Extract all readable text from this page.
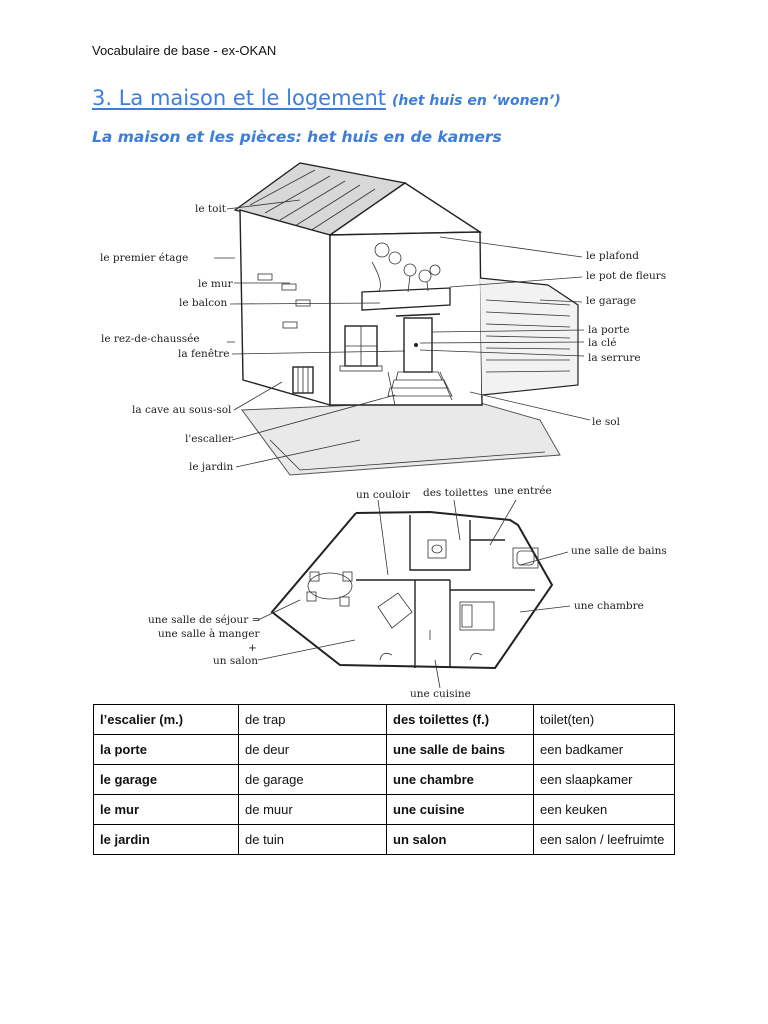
Vocabulaire de base - ex-OKAN
3. La maison et le logement (het huis en ‘wonen’)
La maison et les pièces: het huis en de kamers
le toit
le premier étage
le mur
le balcon
le rez-de-chaussée
la fenêtre
la cave au sous-sol
l'escalier
le jardin
le plafond
le pot de fleurs
le garage
la porte
la clé
la serrure
le sol
un couloir des toilettes une entrée
une salle de bains
une chambre
une salle de séjour =
une salle à manger
+
un salon
une cuisine
l’escalier (m.)	de trap	des toilettes (f.)	toilet(ten)
la porte	de deur	une salle de bains	een badkamer
le garage	de garage	une chambre	een slaapkamer
le mur	de muur	une cuisine	een keuken
le jardin	de tuin	un salon	een salon / leefruimte
